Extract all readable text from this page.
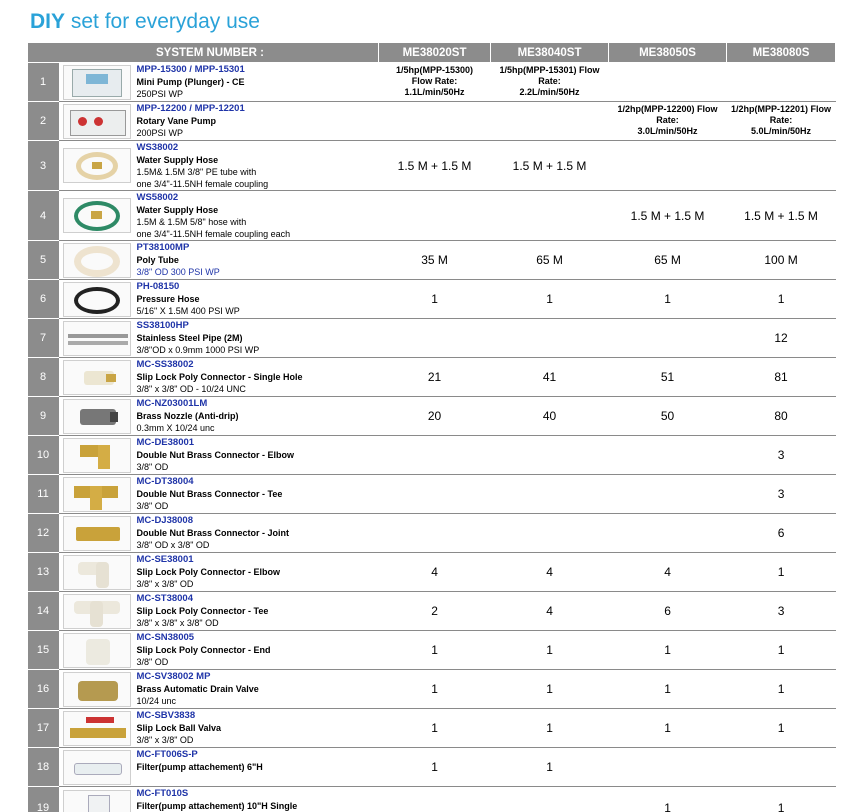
DIY set for everyday use
SYSTEM NUMBER :			ME38020ST	ME38040ST	ME38050S	ME38080S
1		MPP-15300 / MPP-15301
Mini Pump (Plunger) - CE
250PSI WP	1/5hp(MPP-15300)
Flow Rate:
1.1L/min/50Hz	1/5hp(MPP-15301) Flow
Rate:
2.2L/min/50Hz		

2		MPP-12200 / MPP-12201
Rotary Vane Pump
200PSI WP			1/2hp(MPP-12200) Flow
Rate:
3.0L/min/50Hz	1/2hp(MPP-12201) Flow
Rate:
5.0L/min/50Hz

3		WS38002
Water Supply Hose
1.5M& 1.5M 3/8" PE tube with
one 3/4"-11.5NH female coupling	1.5 M + 1.5 M	1.5 M + 1.5 M		
4		WS58002
Water Supply Hose
1.5M & 1.5M 5/8" hose with
one 3/4"-11.5NH female coupling each			1.5 M + 1.5 M	1.5 M + 1.5 M
5		PT38100MP
Poly Tube
3/8" OD 300 PSI WP	35 M	65 M	65 M	100 M
6		PH-08150
Pressure Hose
5/16" X 1.5M 400 PSI WP	1	1	1	1
7		SS38100HP
Stainless Steel Pipe (2M)
3/8"OD x 0.9mm 1000 PSI WP				12
8		MC-SS38002
Slip Lock Poly Connector - Single Hole
3/8" x 3/8" OD - 10/24 UNC	21	41	51	81
9		MC-NZ03001LM
Brass Nozzle (Anti-drip)
0.3mm X 10/24 unc	20	40	50	80
10		MC-DE38001
Double Nut Brass Connector - Elbow
3/8" OD				3
11		MC-DT38004
Double Nut Brass Connector - Tee
3/8" OD				3
12		MC-DJ38008
Double Nut Brass Connector - Joint
3/8" OD x 3/8" OD				6
13		MC-SE38001
Slip Lock Poly Connector - Elbow
3/8" x 3/8" OD	4	4	4	1
14		MC-ST38004
Slip Lock Poly Connector - Tee
3/8" x 3/8" x 3/8" OD	2	4	6	3
15		MC-SN38005
Slip Lock Poly Connector - End
3/8" OD	1	1	1	1
16		MC-SV38002 MP
Brass Automatic Drain Valve
10/24 unc	1	1	1	1
17		MC-SBV3838
Slip Lock Ball Valva
3/8" x 3/8" OD	1	1	1	1
18		MC-FT006S-P
Filter(pump attachement) 6"H	1	1		
19		MC-FT010S
Filter(pump attachement) 10"H Single			1	1
